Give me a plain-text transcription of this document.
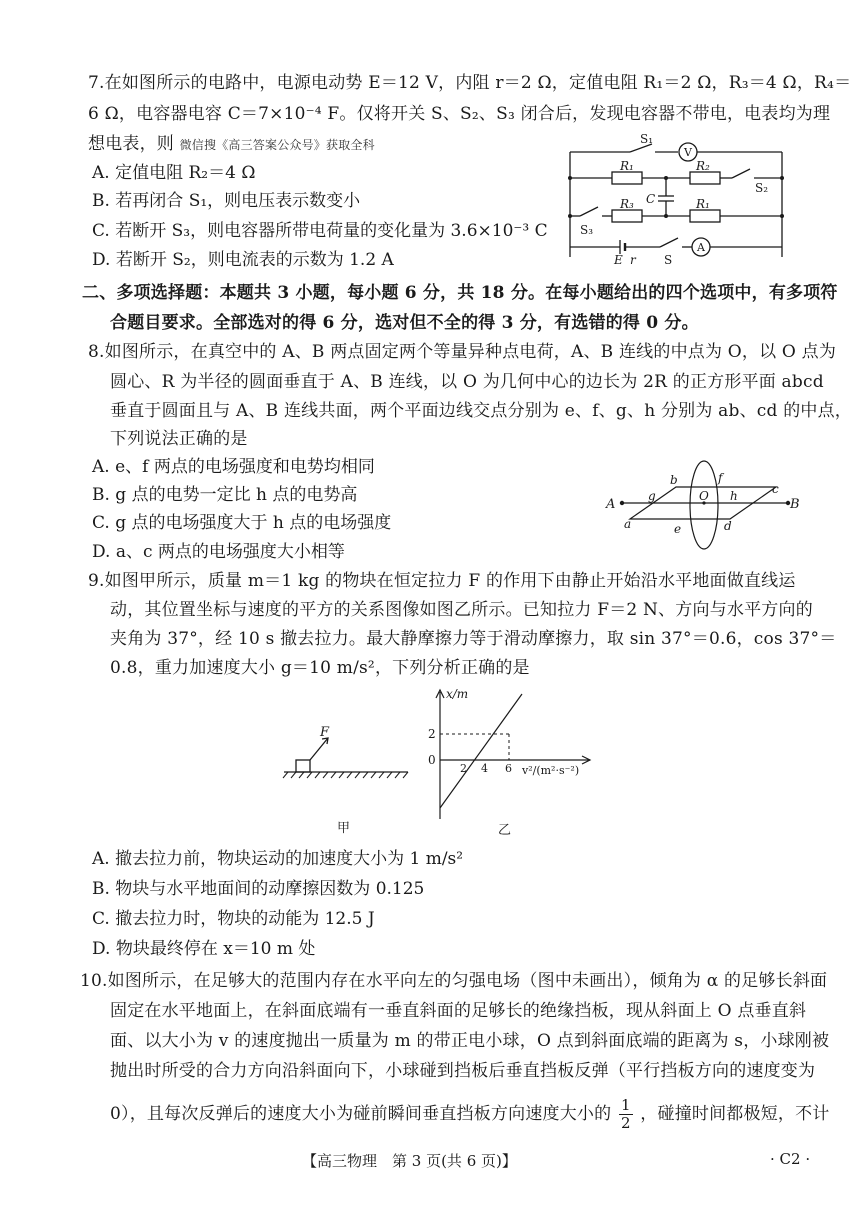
7.在如图所示的电路中，电源电动势 E＝12 V，内阻 r＝2 Ω，定值电阻 R₁＝2 Ω，R₃＝4 Ω，R₄＝
6 Ω，电容器电容 C＝7×10⁻⁴ F。仅将开关 S、S₂、S₃ 闭合后，发现电容器不带电，电表均为理
想电表，则 微信搜《高三答案公众号》获取全科
A. 定值电阻 R₂＝4 Ω
B. 若再闭合 S₁，则电压表示数变小
C. 若断开 S₃，则电容器所带电荷量的变化量为 3.6×10⁻³ C
D. 若断开 S₂，则电流表的示数为 1.2 A
S₁
V
R₁	R₂
S₂
C
R₃	R₁
S₃
E r S
A
二、多项选择题：本题共 3 小题，每小题 6 分，共 18 分。在每小题给出的四个选项中，有多项符
合题目要求。全部选对的得 6 分，选对但不全的得 3 分，有选错的得 0 分。
8.如图所示，在真空中的 A、B 两点固定两个等量异种点电荷，A、B 连线的中点为 O，以 O 点为
圆心、R 为半径的圆面垂直于 A、B 连线，以 O 为几何中心的边长为 2R 的正方形平面 abcd
垂直于圆面且与 A、B 连线共面，两个平面边线交点分别为 e、f、g、h 分别为 ab、cd 的中点，
下列说法正确的是
A. e、f 两点的电场强度和电势均相同
B. g 点的电势一定比 h 点的电势高
C. g 点的电场强度大于 h 点的电场强度
D. a、c 两点的电场强度大小相等
A	B
O
a
b
c
d
e
f
g	h
9.如图甲所示，质量 m＝1 kg 的物块在恒定拉力 F 的作用下由静止开始沿水平地面做直线运
动，其位置坐标与速度的平方的关系图像如图乙所示。已知拉力 F＝2 N、方向与水平方向的
夹角为 37°，经 10 s 撤去拉力。最大静摩擦力等于滑动摩擦力，取 sin 37°＝0.6，cos 37°＝
0.8，重力加速度大小 g＝10 m/s²，下列分析正确的是
F
甲
x/m
2
0
2 4 6 v²/(m²·s⁻²)
乙
A. 撤去拉力前，物块运动的加速度大小为 1 m/s²
B. 物块与水平地面间的动摩擦因数为 0.125
C. 撤去拉力时，物块的动能为 12.5 J
D. 物块最终停在 x＝10 m 处
10.如图所示，在足够大的范围内存在水平向左的匀强电场（图中未画出），倾角为 α 的足够长斜面
固定在水平地面上，在斜面底端有一垂直斜面的足够长的绝缘挡板，现从斜面上 O 点垂直斜
面、以大小为 v 的速度抛出一质量为 m 的带正电小球，O 点到斜面底端的距离为 s，小球刚被
抛出时所受的合力方向沿斜面向下，小球碰到挡板后垂直挡板反弹（平行挡板方向的速度变为
0），且每次反弹后的速度大小为碰前瞬间垂直挡板方向速度大小的 $\frac{1}{2}$ ，碰撞时间都极短，不计
【高三物理　第 3 页(共 6 页)】	· C2 ·
